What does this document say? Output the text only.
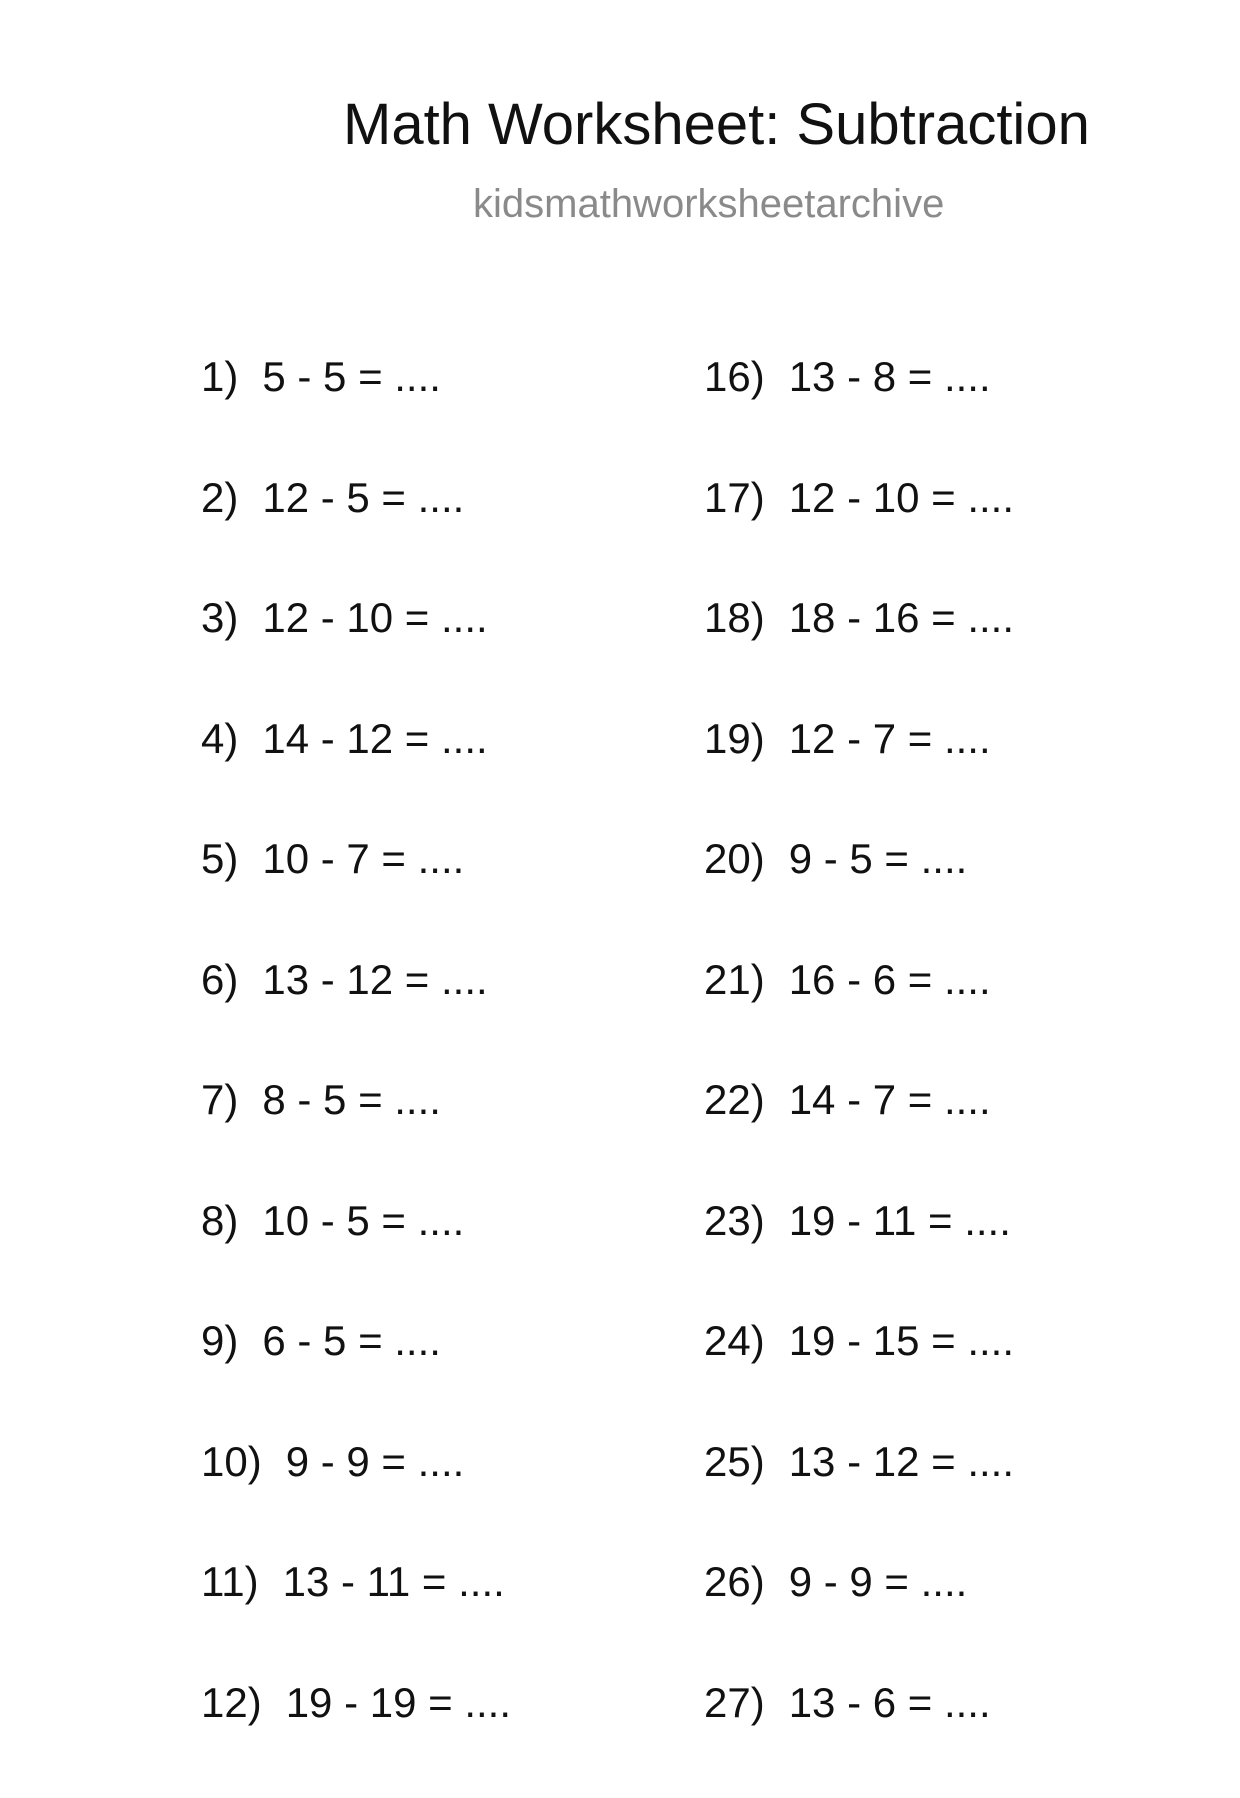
Math Worksheet: Subtraction
kidsmathworksheetarchive
1) 5 - 5 = ....
2) 12 - 5 = ....
3) 12 - 10 = ....
4) 14 - 12 = ....
5) 10 - 7 = ....
6) 13 - 12 = ....
7) 8 - 5 = ....
8) 10 - 5 = ....
9) 6 - 5 = ....
10) 9 - 9 = ....
11) 13 - 11 = ....
12) 19 - 19 = ....
16) 13 - 8 = ....
17) 12 - 10 = ....
18) 18 - 16 = ....
19) 12 - 7 = ....
20) 9 - 5 = ....
21) 16 - 6 = ....
22) 14 - 7 = ....
23) 19 - 11 = ....
24) 19 - 15 = ....
25) 13 - 12 = ....
26) 9 - 9 = ....
27) 13 - 6 = ....
